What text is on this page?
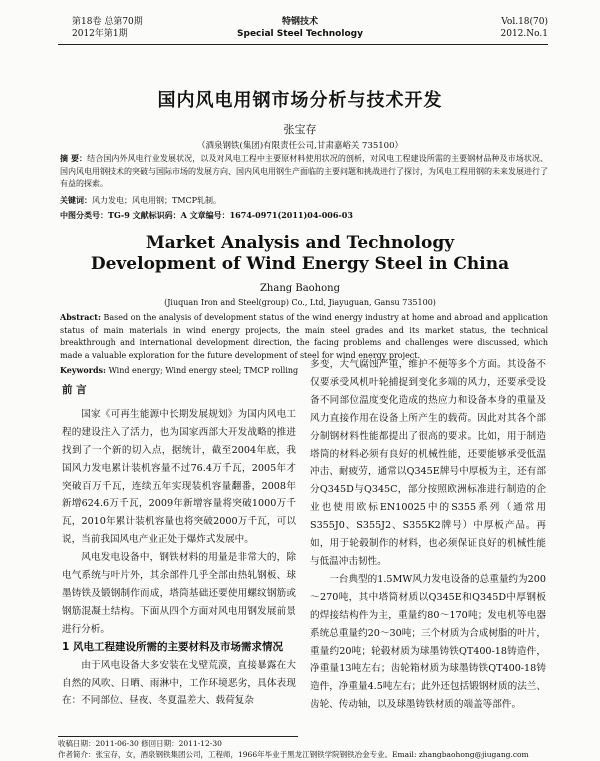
第18卷 总第70期
2012年第1期
特钢技术
Special Steel Technology
Vol.18(70)
2012.No.1
国内风电用钢市场分析与技术开发
张宝存
（酒泉钢铁(集团)有限责任公司,甘肃嘉峪关 735100）
摘 要：结合国内外风电行业发展状况，以及对风电工程中主要原材料使用状况的剖析，对风电工程建设所需的主要钢材品种及市场状况、国内风电用钢技术的突破与国际市场的发展方向、国内风电用钢生产面临的主要问题和挑战进行了探讨，为风电工程用钢的未来发展进行了有益的探索。
关键词：风力发电；风电用钢；TMCP轧制。
中图分类号：TG-9 文献标识码：A 文章编号：1674-0971(2011)04-006-03
Market Analysis and Technology Development of Wind Energy Steel in China
Zhang Baohong
(Jiuquan Iron and Steel(group) Co., Ltd, Jiayuguan, Gansu 735100)
Abstract: Based on the analysis of development status of the wind energy industry at home and abroad and application status of main materials in wind energy projects, the main steel grades and its market status, the technical breakthrough and international development direction, the facing problems and challenges were discussed, which made a valuable exploration for the future development of steel for wind energy project.
Keywords: Wind energy; Wind energy steel; TMCP rolling
前 言

国家《可再生能源中长期发展规划》为国内风电工程的建设注入了活力，也为国家西部大开发战略的推进找到了一个新的切入点，据统计，截至2004年底，我国风力发电累计装机容量不过76.4万千瓦，2005年才突破百万千瓦，连续五年实现装机容量翻番，2008年新增624.6万千瓦，2009年新增容量将突破1000万千瓦，2010年累计装机容量也将突破2000万千瓦，可以说，当前我国风电产业正处于爆炸式发展中。

风电发电设备中，钢铁材料的用量是非常大的，除电气系统与叶片外，其余部件几乎全部由热轧钢板、球墨铸铁及锻钢制作而成，塔筒基础还要使用螺纹钢筋或钢筋混凝土结构。下面从四个方面对风电用钢发展前景进行分析。

1 风电工程建设所需的主要材料及市场需求情况

由于风电设备大多安装在戈壁荒漠，直接暴露在大自然的风吹、日晒、雨淋中，工作环境恶劣，具体表现在：不同部位、昼夜、冬夏温差大、载荷复杂

多变，大气腐蚀严重，维护不便等多个方面。其设备不仅要承受风机叶轮捕捉到变化多端的风力，还要承受设备不同部位温度变化造成的热应力和设备本身的重量及风力直接作用在设备上所产生的载荷。因此对其各个部分制钢材料性能都提出了很高的要求。比如，用于制造塔筒的材料必须有良好的机械性能，还要能够承受低温冲击、耐疲劳，通常以Q345E牌号中厚板为主，还有部分Q345D与Q345C，部分按照欧洲标准进行制造的企业也使用欧标EN10025中的S355系列（通常用S355J0、S355J2、S355K2牌号）中厚板产品。再如，用于轮毂制作的材料，也必须保证良好的机械性能与低温冲击韧性。

一台典型的1.5MW风力发电设备的总重量约为200～270吨，其中塔筒材质以Q345E和Q345D中厚钢板的焊接结构件为主，重量约80～170吨；发电机等电器系统总重量约20～30吨；三个材质为合成树脂的叶片，重量约20吨；轮毂材质为球墨铸铁QT400-18铸造件，净重量13吨左右；齿轮箱材质为球墨铸铁QT400-18铸造件，净重量4.5吨左右；此外还包括锻钢材质的法兰、齿轮、传动轴，以及球墨铸铁材质的端盖等部件。

收稿日期：2011-06-30 修回日期：2011-12-30
作者简介：张宝存，女，酒泉钢铁集团公司，工程师，1966年毕业于黑龙江钢铁学院钢铁冶金专业。Email: zhangbaohong@jiugang.com
